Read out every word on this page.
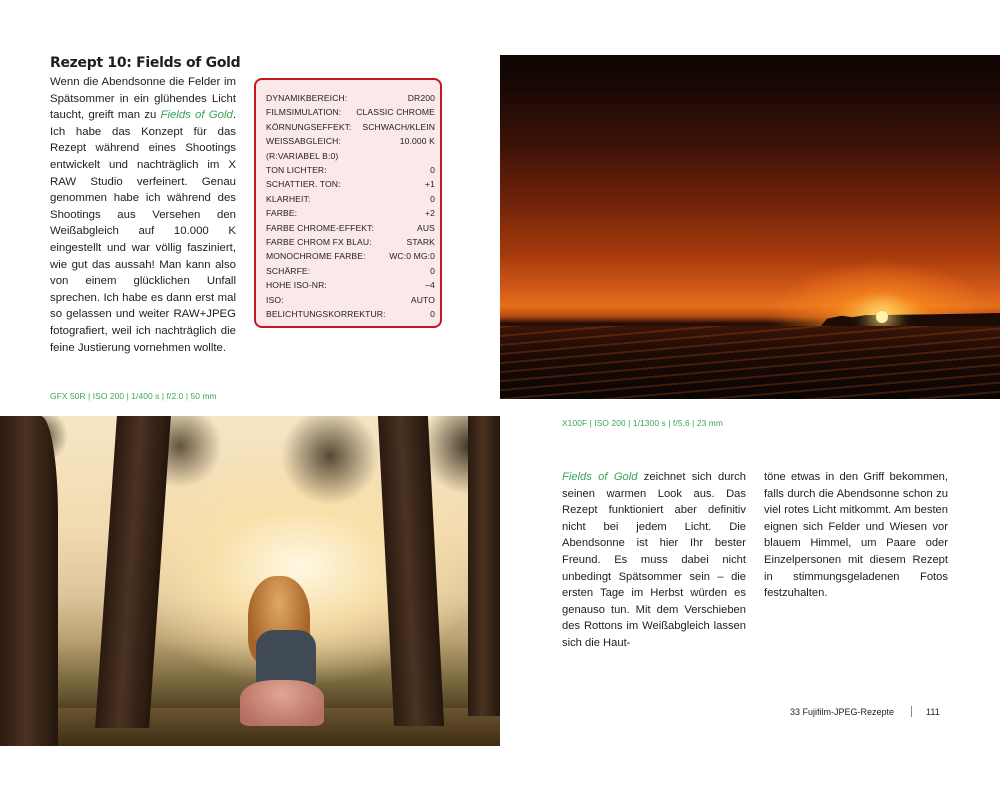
Rezept 10: Fields of Gold

Wenn die Abendsonne die Felder im Spätsommer in ein glühendes Licht taucht, greift man zu Fields of Gold. Ich habe das Konzept für das Rezept während eines Shootings entwickelt und nachträglich im X RAW Studio verfeinert. Genau genommen habe ich während des Shootings aus Versehen den Weißabgleich auf 10.000 K eingestellt und war völlig fasziniert, wie gut das aussah! Man kann also von einem glücklichen Unfall sprechen. Ich habe es dann erst mal so gelassen und weiter RAW+JPEG fotografiert, weil ich nachträglich die feine Justierung vornehmen wollte.

DYNAMIKBEREICH:	DR200
FILMSIMULATION: CLASSIC CHROME
KÖRNUNGSEFFEKT: SCHWACH/KLEIN
WEISSABGLEICH:	10.000 K
(R:VARIABEL B:0)
TON LICHTER:	0
SCHATTIER. TON:	+1
KLARHEIT:	0
FARBE:	+2
FARBE CHROME-EFFEKT:	AUS
FARBE CHROM FX BLAU:	STARK
MONOCHROME FARBE:	WC:0 MG:0
SCHÄRFE:	0
HOHE ISO-NR:	–4
ISO:	AUTO
BELICHTUNGSKORREKTUR:	0

GFX 50R | ISO 200 | 1/400 s | f/2.0 | 50 mm

X100F | ISO 200 | 1/1300 s | f/5.6 | 23 mm

Fields of Gold zeichnet sich durch seinen warmen Look aus. Das Rezept funktioniert aber definitiv nicht bei jedem Licht. Die Abendsonne ist hier Ihr bester Freund. Es muss dabei nicht unbedingt Spätsommer sein – die ersten Tage im Herbst würden es genauso tun. Mit dem Verschieben des Rottons im Weißabgleich lassen sich die Haut-

töne etwas in den Griff bekommen, falls durch die Abendsonne schon zu viel rotes Licht mitkommt. Am besten eignen sich Felder und Wiesen vor blauem Himmel, um Paare oder Einzelpersonen mit diesem Rezept in stimmungsgeladenen Fotos festzuhalten.

33 Fujifilm-JPEG-Rezepte	111
